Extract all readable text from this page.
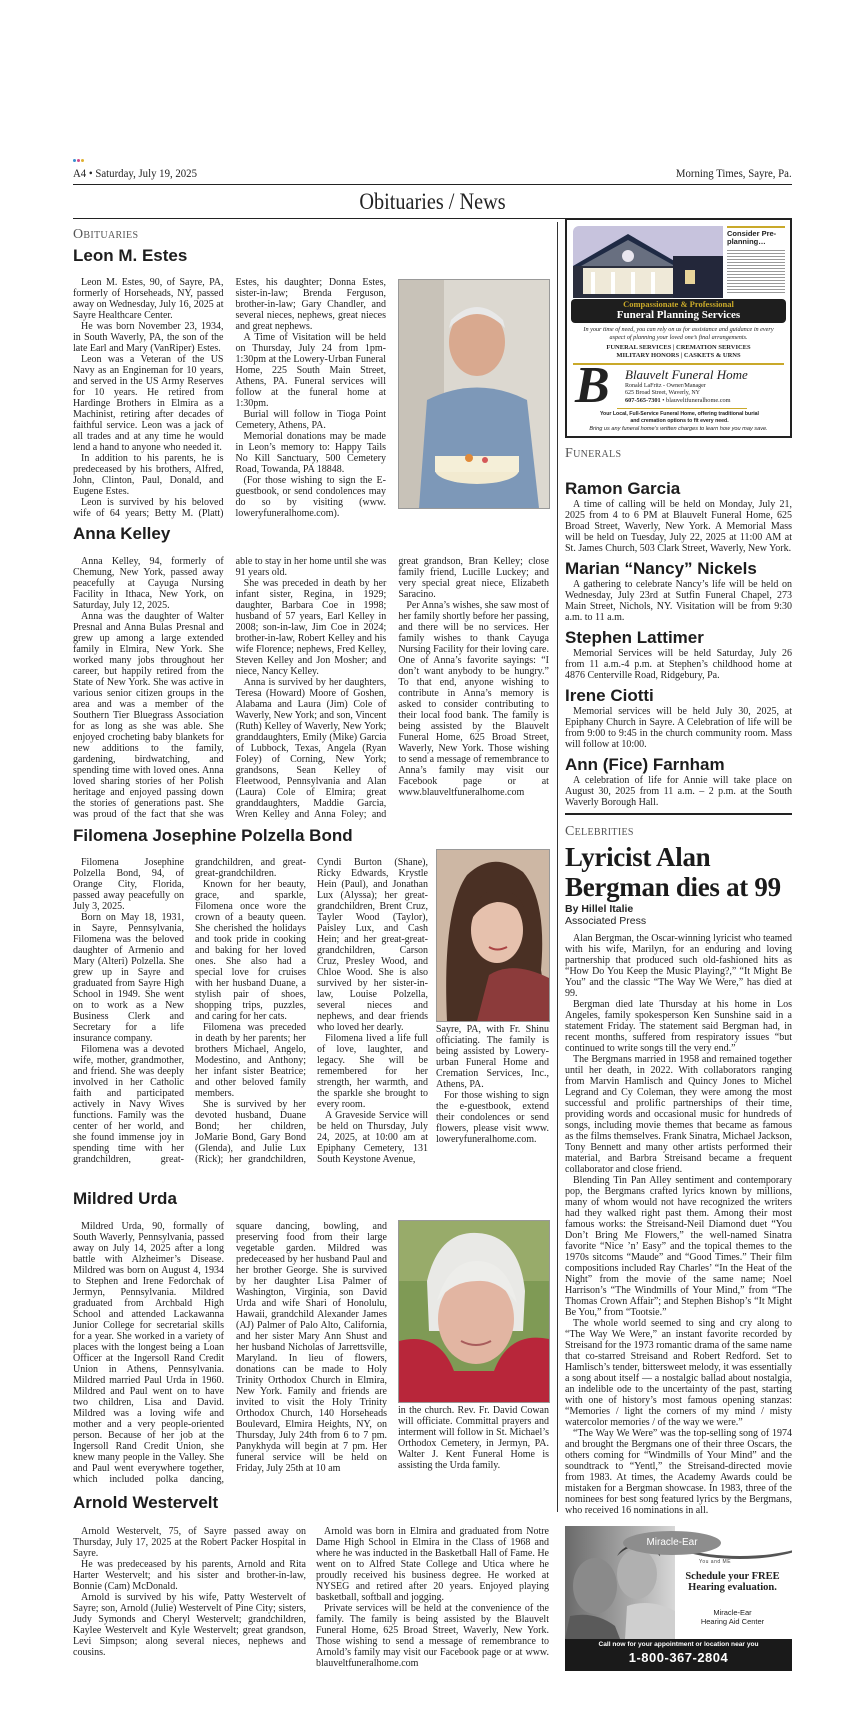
A4 • Saturday, July 19, 2025	Morning Times, Sayre, Pa.
Obituaries / News
Obituaries
Leon M. Estes

Leon M. Estes, 90, of Sayre, PA, formerly of Horseheads, NY, passed away on Wednesday, July 16, 2025 at Sayre Healthcare Center.

He was born November 23, 1934, in South Waverly, PA, the son of the late Earl and Mary (VanRiper) Estes.

Leon was a Veteran of the US Navy as an Engineman for 10 years, and served in the US Army Reserves for 10 years. He retired from Hardinge Brothers in Elmira as a Machinist, retiring after decades of faithful service. Leon was a jack of all trades and at any time he would lend a hand to anyone who needed it.

In addition to his parents, he is predeceased by his brothers, Alfred, John, Clinton, Paul, Donald, and Eugene Estes.

Leon is survived by his beloved wife of 64 years; Betty M. (Platt) Estes, his daughter; Donna Estes, sister-in-law; Brenda Ferguson, brother-in-law; Gary Chandler, and several nieces, nephews, great nieces and great nephews.

A Time of Visitation will be held on Thursday, July 24 from 1pm-1:30pm at the Lowery-Urban Funeral Home, 225 South Main Street, Athens, PA. Funeral services will follow at the funeral home at 1:30pm.

Burial will follow in Tioga Point Cemetery, Athens, PA.

Memorial donations may be made in Leon’s memory to: Happy Tails No Kill Sanctuary, 500 Cemetery Road, Towanda, PA 18848.

(For those wishing to sign the E-guestbook, or send condolences may do so by visiting (www. loweryfuneralhome.com).

Anna Kelley

Anna Kelley, 94, formerly of Chemung, New York, passed away peacefully at Cayuga Nursing Facility in Ithaca, New York, on Saturday, July 12, 2025.

Anna was the daughter of Walter Presnal and Anna Bulas Presnal and grew up among a large extended family in Elmira, New York. She worked many jobs throughout her career, but happily retired from the State of New York. She was active in various senior citizen groups in the area and was a member of the Southern Tier Bluegrass Association for as long as she was able. She enjoyed crocheting baby blankets for new additions to the family, gardening, birdwatching, and spending time with loved ones. Anna loved sharing stories of her Polish heritage and enjoyed passing down the stories of generations past. She was proud of the fact that she was able to stay in her home until she was 91 years old.

She was preceded in death by her infant sister, Regina, in 1929; daughter, Barbara Coe in 1998; husband of 57 years, Earl Kelley in 2008; son-in-law, Jim Coe in 2024; brother-in-law, Robert Kelley and his wife Florence; nephews, Fred Kelley, Steven Kelley and Jon Mosher; and niece, Nancy Kelley.

Anna is survived by her daughters, Teresa (Howard) Moore of Goshen, Alabama and Laura (Jim) Cole of Waverly, New York; and son, Vincent (Ruth) Kelley of Waverly, New York; granddaughters, Emily (Mike) Garcia of Lubbock, Texas, Angela (Ryan Foley) of Corning, New York; grandsons, Sean Kelley of Fleetwood, Pennsylvania and Alan (Laura) Cole of Elmira; great granddaughters, Maddie Garcia, Wren Kelley and Anna Foley; and great grandson, Bran Kelley; close family friend, Lucille Luckey; and very special great niece, Elizabeth Saracino.

Per Anna’s wishes, she saw most of her family shortly before her passing, and there will be no services. Her family wishes to thank Cayuga Nursing Facility for their loving care. One of Anna’s favorite sayings: “I don’t want anybody to be hungry.” To that end, anyone wishing to contribute in Anna’s memory is asked to consider contributing to their local food bank. The family is being assisted by the Blauvelt Funeral Home, 625 Broad Street, Waverly, New York. Those wishing to send a message of remembrance to Anna’s family may visit our Facebook page or at www.blauveltfuneralhome.com

Filomena Josephine Polzella Bond

Filomena Josephine Polzella Bond, 94, of Orange City, Florida, passed away peacefully on July 3, 2025.

Born on May 18, 1931, in Sayre, Pennsylvania, Filomena was the beloved daughter of Armenio and Mary (Alteri) Polzella. She grew up in Sayre and graduated from Sayre High School in 1949. She went on to work as a New Business Clerk and Secretary for a life insurance company.

Filomena was a devoted wife, mother, grandmother, and friend. She was deeply involved in her Catholic faith and participated actively in Navy Wives functions. Family was the center of her world, and she found immense joy in spending time with her grandchildren, great-grandchildren, and great-great-grandchildren.

Known for her beauty, grace, and sparkle, Filomena once wore the crown of a beauty queen. She cherished the holidays and took pride in cooking and baking for her loved ones. She also had a special love for cruises with her husband Duane, a stylish pair of shoes, shopping trips, puzzles, and caring for her cats.

Filomena was preceded in death by her parents; her brothers Michael, Angelo, Modestino, and Anthony; her infant sister Beatrice; and other beloved family members.

She is survived by her devoted husband, Duane Bond; her children, JoMarie Bond, Gary Bond (Glenda), and Julie Lux (Rick); her grandchildren, Cyndi Burton (Shane), Ricky Edwards, Krystle Hein (Paul), and Jonathan Lux (Alyssa); her great-grandchildren, Brent Cruz, Tayler Wood (Taylor), Paisley Lux, and Cash Hein; and her great-great-grandchildren, Carson Cruz, Presley Wood, and Chloe Wood. She is also survived by her sister-in-law, Louise Polzella, several nieces and nephews, and dear friends who loved her dearly.

Filomena lived a life full of love, laughter, and legacy. She will be remembered for her strength, her warmth, and the sparkle she brought to every room.

A Graveside Service will be held on Thursday, July 24, 2025, at 10:00 am at Epiphany Cemetery, 131 South Keystone Avenue,

Sayre, PA, with Fr. Shinu officiating. The family is being assisted by Lowery-urban Funeral Home and Cremation Services, Inc., Athens, PA.

For those wishing to sign the e-guestbook, extend their condolences or send flowers, please visit www. loweryfuneralhome.com.

Mildred Urda

Mildred Urda, 90, formally of South Waverly, Pennsylvania, passed away on July 14, 2025 after a long battle with Alzheimer’s Disease. Mildred was born on August 4, 1934 to Stephen and Irene Fedorchak of Jermyn, Pennsylvania. Mildred graduated from Archbald High School and attended Lackawanna Junior College for secretarial skills for a year. She worked in a variety of places with the longest being a Loan Officer at the Ingersoll Rand Credit Union in Athens, Pennsylvania. Mildred married Paul Urda in 1960. Mildred and Paul went on to have two children, Lisa and David. Mildred was a loving wife and mother and a very people-oriented person. Because of her job at the Ingersoll Rand Credit Union, she knew many people in the Valley. She and Paul went everywhere together, which included polka dancing, square dancing, bowling, and preserving food from their large vegetable garden. Mildred was predeceased by her husband Paul and her brother George. She is survived by her daughter Lisa Palmer of Washington, Virginia, son David Urda and wife Shari of Honolulu, Hawaii, grandchild Alexander James (AJ) Palmer of Palo Alto, California, and her sister Mary Ann Shust and her husband Nicholas of Jarrettsville, Maryland. In lieu of flowers, donations can be made to Holy Trinity Orthodox Church in Elmira, New York. Family and friends are invited to visit the Holy Trinity Orthodox Church, 140 Horseheads Boulevard, Elmira Heights, NY, on Thursday, July 24th from 6 to 7 pm. Panykhyda will begin at 7 pm. Her funeral service will be held on Friday, July 25th at 10 am

in the church. Rev. Fr. David Cowan will officiate. Committal prayers and interment will follow in St. Michael’s Orthodox Cemetery, in Jermyn, PA. Walter J. Kent Funeral Home is assisting the Urda family.

Arnold Westervelt

Arnold Westervelt, 75, of Sayre passed away on Thursday, July 17, 2025 at the Robert Packer Hospital in Sayre.

He was predeceased by his parents, Arnold and Rita Harter Westervelt; and his sister and brother-in-law, Bonnie (Cam) McDonald.

Arnold is survived by his wife, Patty Westervelt of Sayre; son, Arnold (Julie) Westervelt of Pine City; sisters, Judy Symonds and Cheryl Westervelt; grandchildren, Kaylee Westervelt and Kyle Westervelt; great grandson, Levi Simpson; along several nieces, nephews and cousins.

Arnold was born in Elmira and graduated from Notre Dame High School in Elmira in the Class of 1968 and where he was inducted in the Basketball Hall of Fame. He went on to Alfred State College and Utica where he proudly received his business degree. He worked at NYSEG and retired after 20 years. Enjoyed playing basketball, softball and jogging.

Private services will be held at the convenience of the family. The family is being assisted by the Blauvelt Funeral Home, 625 Broad Street, Waverly, New York. Those wishing to send a message of remembrance to Arnold’s family may visit our Facebook page or at www. blauveltfuneralhome.com

Consider Pre-planning…
Compassionate & Professional
Funeral Planning Services
In your time of need, you can rely on us for assistance and guidance in every aspect of planning your loved one’s final arrangements.
FUNERAL SERVICES | CREMATION SERVICES
MILITARY HONORS | CASKETS & URNS
B Blauvelt Funeral Home
Ronald LaFritz - Owner/Manager
625 Broad Street, Waverly, NY
607-565-7301 • blauveltfuneralhome.com
Your Local, Full-Service Funeral Home, offering traditional burial and cremation options to fit every need.
Bring us any funeral home’s written charges to learn how you may save.
Funerals
Ramon Garcia

A time of calling will be held on Monday, July 21, 2025 from 4 to 6 PM at Blauvelt Funeral Home, 625 Broad Street, Waverly, New York. A Memorial Mass will be held on Tuesday, July 22, 2025 at 11:00 AM at St. James Church, 503 Clark Street, Waverly, New York.

Marian “Nancy” Nickels

A gathering to celebrate Nancy’s life will be held on Wednesday, July 23rd at Sutfin Funeral Chapel, 273 Main Street, Nichols, NY. Visitation will be from 9:30 a.m. to 11 a.m.

Stephen Lattimer

Memorial Services will be held Saturday, July 26 from 11 a.m.-4 p.m. at Stephen’s childhood home at 4876 Centerville Road, Ridgebury, Pa.

Irene Ciotti

Memorial services will be held July 30, 2025, at Epiphany Church in Sayre. A Celebration of life will be from 9:00 to 9:45 in the church community room. Mass will follow at 10:00.

Ann (Fice) Farnham

A celebration of life for Annie will take place on August 30, 2025 from 11 a.m. – 2 p.m. at the South Waverly Borough Hall.

Celebrities
Lyricist Alan Bergman dies at 99
By Hillel Italie
Associated Press

Alan Bergman, the Oscar-winning lyricist who teamed with his wife, Marilyn, for an enduring and loving partnership that produced such old-fashioned hits as “How Do You Keep the Music Playing?,” “It Might Be You” and the classic “The Way We Were,” has died at 99.

Bergman died late Thursday at his home in Los Angeles, family spokesperson Ken Sunshine said in a statement Friday. The statement said Bergman had, in recent months, suffered from respiratory issues “but continued to write songs till the very end.”

The Bergmans married in 1958 and remained together until her death, in 2022. With collaborators ranging from Marvin Hamlisch and Quincy Jones to Michel Legrand and Cy Coleman, they were among the most successful and prolific partnerships of their time, providing words and occasional music for hundreds of songs, including movie themes that became as famous as the films themselves. Frank Sinatra, Michael Jackson, Tony Bennett and many other artists performed their material, and Barbra Streisand became a frequent collaborator and close friend.

Blending Tin Pan Alley sentiment and contemporary pop, the Bergmans crafted lyrics known by millions, many of whom would not have recognized the writers had they walked right past them. Among their most famous works: the Streisand-Neil Diamond duet “You Don’t Bring Me Flowers,” the well-named Sinatra favorite “Nice ’n’ Easy” and the topical themes to the 1970s sitcoms “Maude” and “Good Times.” Their film compositions included Ray Charles’ “In the Heat of the Night” from the movie of the same name; Noel Harrison’s “The Windmills of Your Mind,” from “The Thomas Crown Affair”; and Stephen Bishop’s “It Might Be You,” from “Tootsie.”

The whole world seemed to sing and cry along to “The Way We Were,” an instant favorite recorded by Streisand for the 1973 romantic drama of the same name that co-starred Streisand and Robert Redford. Set to Hamlisch’s tender, bittersweet melody, it was essentially a song about itself — a nostalgic ballad about nostalgia, an indelible ode to the uncertainty of the past, starting with one of history’s most famous opening stanzas: “Memories / light the corners of my mind / misty watercolor memories / of the way we were.”

“The Way We Were” was the top-selling song of 1974 and brought the Bergmans one of their three Oscars, the others coming for “Windmills of Your Mind” and the soundtrack to “Yentl,” the Streisand-directed movie from 1983. At times, the Academy Awards could be mistaken for a Bergman showcase. In 1983, three of the nominees for best song featured lyrics by the Bergmans, who received 16 nominations in all.

Miracle-Ear
You and ME
Schedule your FREE Hearing evaluation.
Miracle-Ear
Hearing Aid Center
Call now for your appointment or location near you
1-800-367-2804
